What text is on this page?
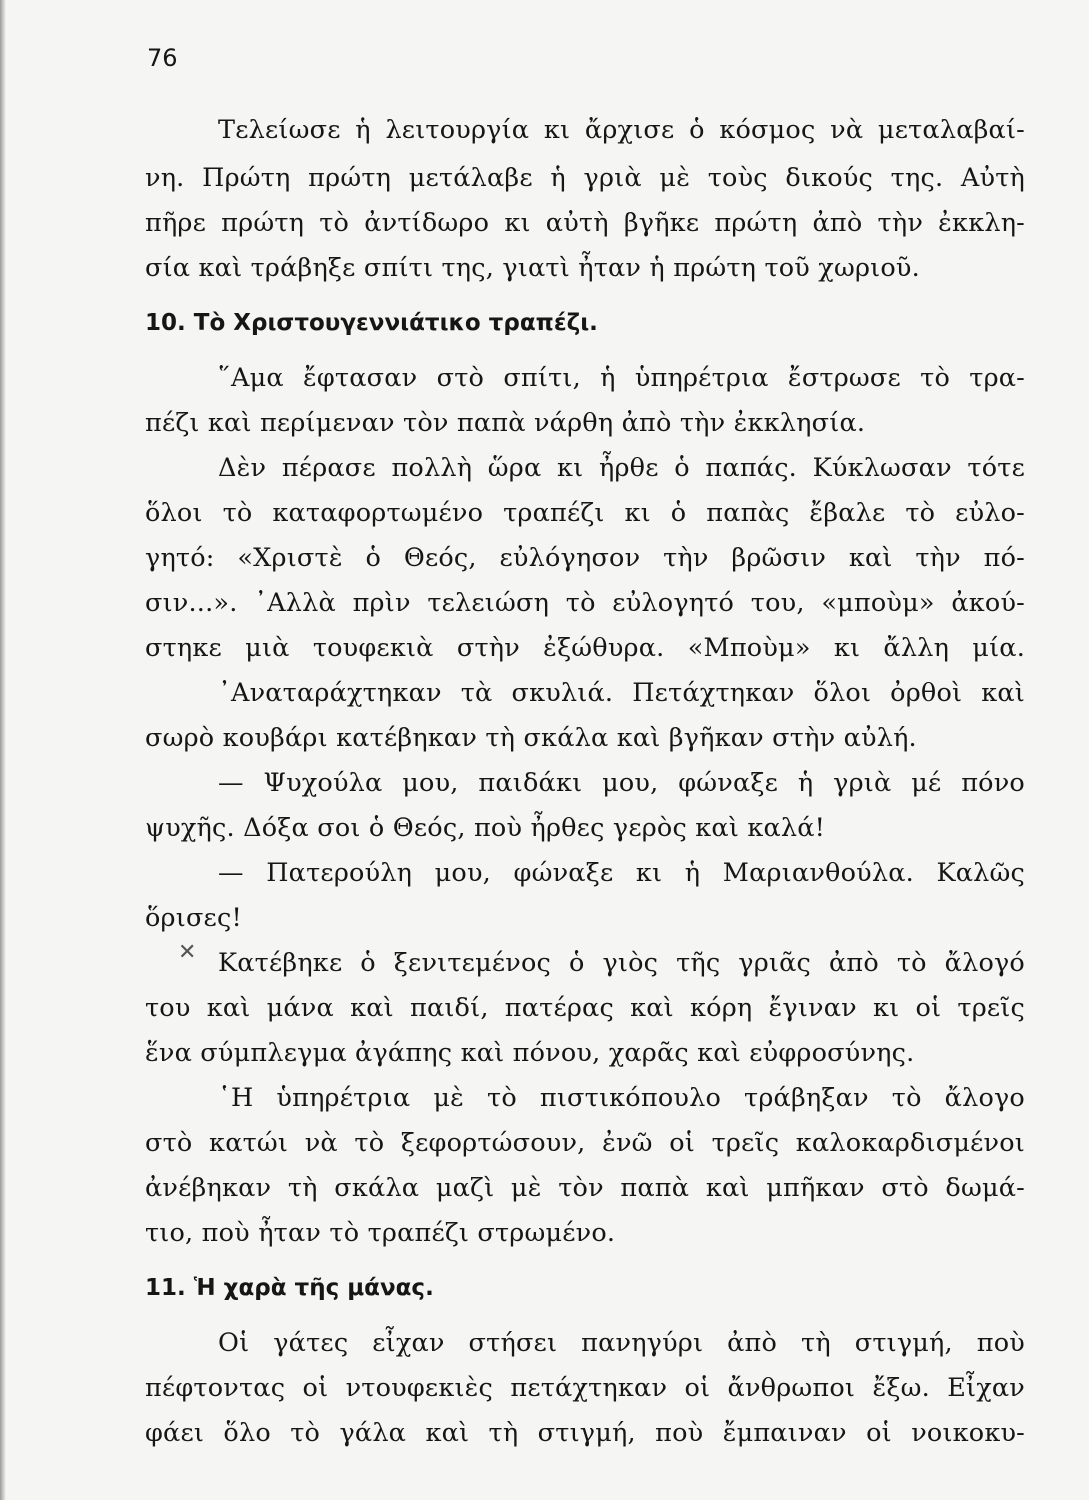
76
Τελείωσε ἡ λειτουργία κι ἄρχισε ὁ κόσμος νὰ μεταλαβαί-
νη. Πρώτη πρώτη μετάλαβε ἡ γριὰ μὲ τοὺς δικούς της. Αὐτὴ
πῆρε πρώτη τὸ ἀντίδωρο κι αὐτὴ βγῆκε πρώτη ἀπὸ τὴν ἐκκλη-
σία καὶ τράβηξε σπίτι της, γιατὶ ἦταν ἡ πρώτη τοῦ χωριοῦ.
10. Τὸ Χριστουγεννιάτικο τραπέζι.
῞Αμα ἔφτασαν στὸ σπίτι, ἡ ὑπηρέτρια ἔστρωσε τὸ τρα-
πέζι καὶ περίμεναν τὸν παπὰ νάρθη ἀπὸ τὴν ἐκκλησία.
Δὲν πέρασε πολλὴ ὥρα κι ἦρθε ὁ παπάς. Κύκλωσαν τότε
ὅλοι τὸ καταφορτωμένο τραπέζι κι ὁ παπὰς ἔβαλε τὸ εὐλο-
γητό: «Χριστὲ ὁ Θεός, εὐλόγησον τὴν βρῶσιν καὶ τὴν πό-
σιν...». ᾿Αλλὰ πρὶν τελειώση τὸ εὐλογητό του, «μποὺμ» ἀκού-
στηκε μιὰ τουφεκιὰ στὴν ἐξώθυρα. «Μποὺμ» κι ἄλλη μία.
᾿Αναταράχτηκαν τὰ σκυλιά. Πετάχτηκαν ὅλοι ὀρθοὶ καὶ
σωρὸ κουβάρι κατέβηκαν τὴ σκάλα καὶ βγῆκαν στὴν αὐλή.
— Ψυχούλα μου, παιδάκι μου, φώναξε ἡ γριὰ μέ πόνο
ψυχῆς. Δόξα σοι ὁ Θεός, ποὺ ἦρθες γερὸς καὶ καλά!
— Πατερούλη μου, φώναξε κι ἡ Μαριανθούλα. Καλῶς
ὅρισες!
✕ Κατέβηκε ὁ ξενιτεμένος ὁ γιὸς τῆς γριᾶς ἀπὸ τὸ ἄλογό
του καὶ μάνα καὶ παιδί, πατέρας καὶ κόρη ἔγιναν κι οἱ τρεῖς
ἕνα σύμπλεγμα ἀγάπης καὶ πόνου, χαρᾶς καὶ εὐφροσύνης.
῾Η ὑπηρέτρια μὲ τὸ πιστικόπουλο τράβηξαν τὸ ἄλογο
στὸ κατώι νὰ τὸ ξεφορτώσουν, ἐνῶ οἱ τρεῖς καλοκαρδισμένοι
ἀνέβηκαν τὴ σκάλα μαζὶ μὲ τὸν παπὰ καὶ μπῆκαν στὸ δωμά-
τιο, ποὺ ἦταν τὸ τραπέζι στρωμένο.
11. Ἡ χαρὰ τῆς μάνας.
Οἱ γάτες εἶχαν στήσει πανηγύρι ἀπὸ τὴ στιγμή, ποὺ
πέφτοντας οἱ ντουφεκιὲς πετάχτηκαν οἱ ἄνθρωποι ἔξω. Εἶχαν
φάει ὅλο τὸ γάλα καὶ τὴ στιγμή, ποὺ ἔμπαιναν οἱ νοικοκυ-
